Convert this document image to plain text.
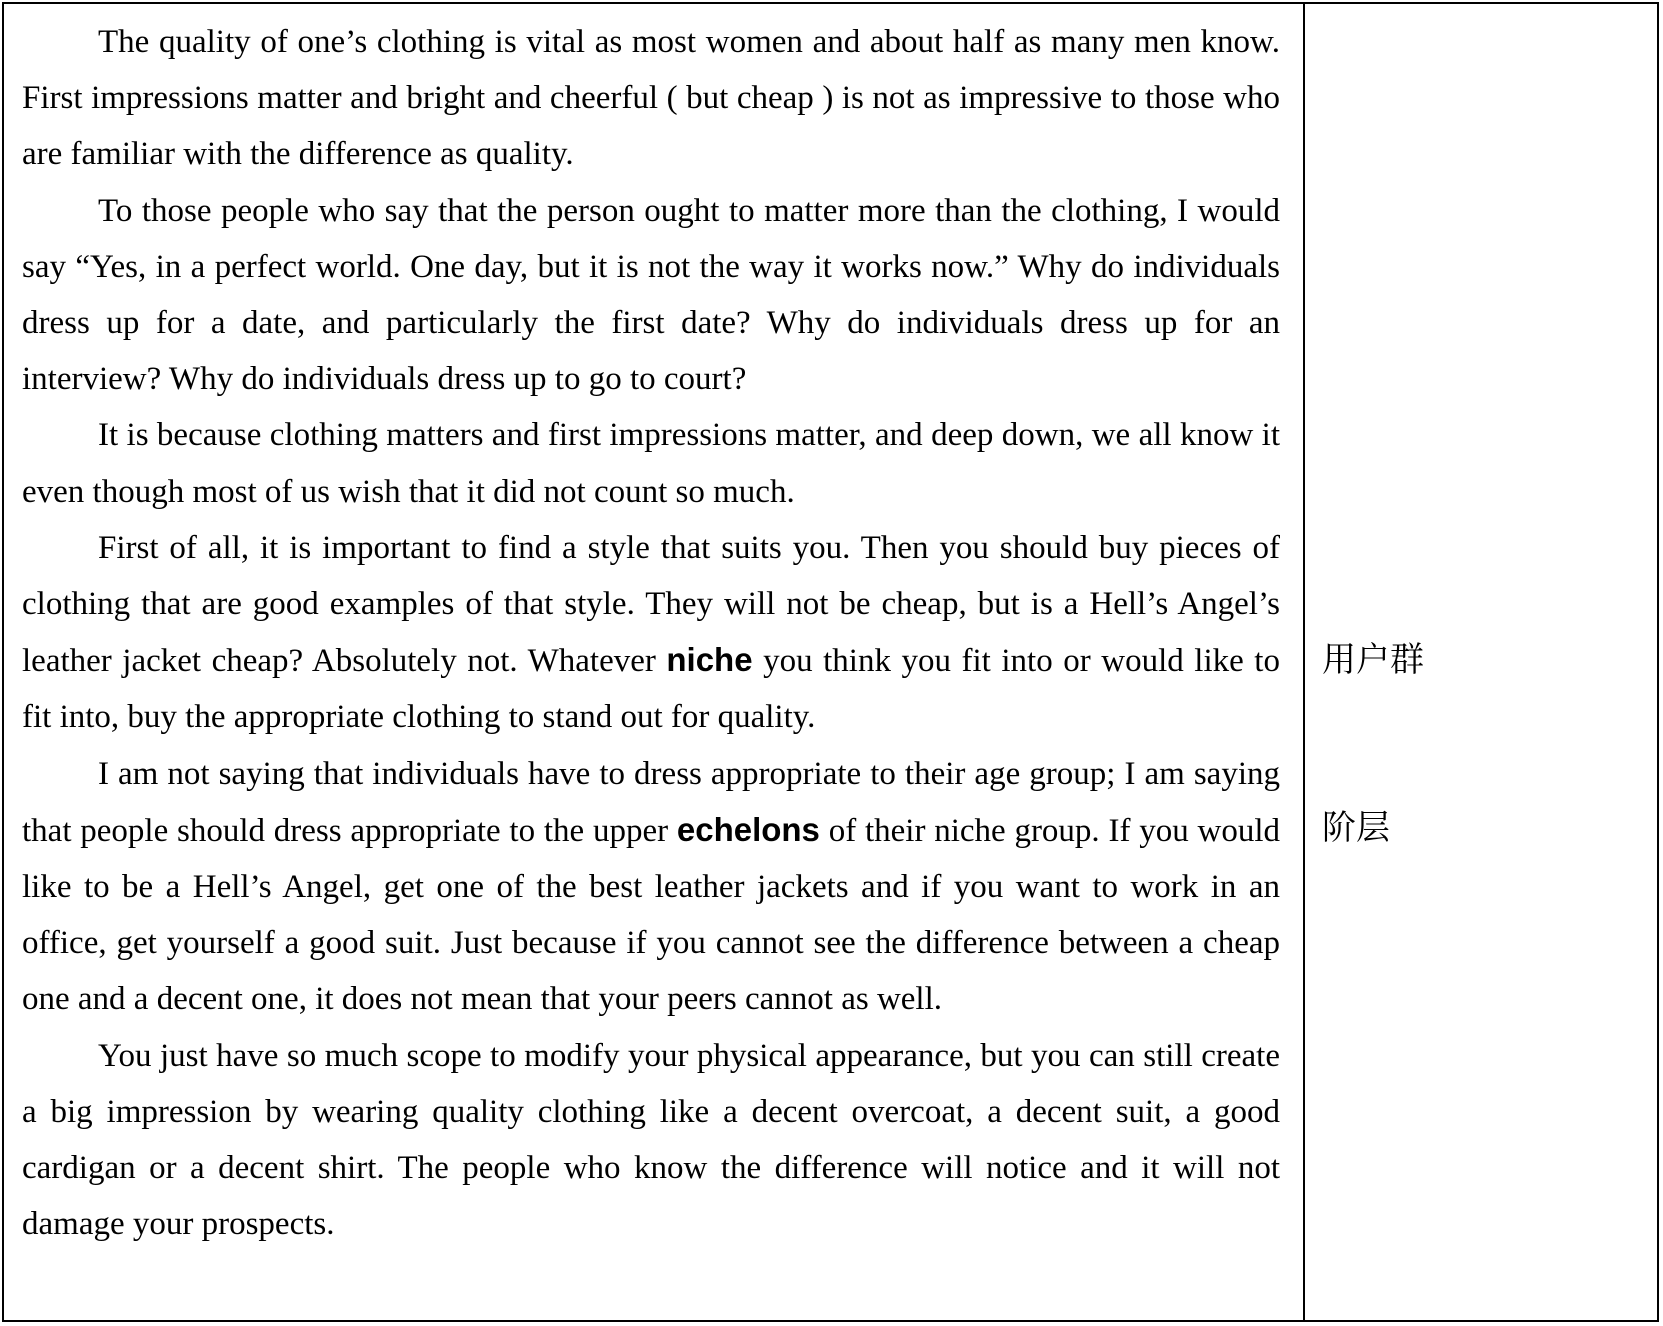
The quality of one’s clothing is vital as most women and about half as many men know. First impressions matter and bright and cheerful ( but cheap ) is not as impressive to those who are familiar with the difference as quality.

To those people who say that the person ought to matter more than the clothing, I would say “Yes, in a perfect world. One day, but it is not the way it works now.” Why do individuals dress up for a date, and particularly the first date? Why do individuals dress up for an interview? Why do individuals dress up to go to court?

It is because clothing matters and first impressions matter, and deep down, we all know it even though most of us wish that it did not count so much.

First of all, it is important to find a style that suits you. Then you should buy pieces of clothing that are good examples of that style. They will not be cheap, but is a Hell’s Angel’s leather jacket cheap? Absolutely not. Whatever niche you think you fit into or would like to fit into, buy the appropriate clothing to stand out for quality.

I am not saying that individuals have to dress appropriate to their age group; I am saying that people should dress appropriate to the upper echelons of their niche group. If you would like to be a Hell’s Angel, get one of the best leather jackets and if you want to work in an office, get yourself a good suit. Just because if you cannot see the difference between a cheap one and a decent one, it does not mean that your peers cannot as well.

You just have so much scope to modify your physical appearance, but you can still create a big impression by wearing quality clothing like a decent overcoat, a decent suit, a good cardigan or a decent shirt. The people who know the difference will notice and it will not damage your prospects.

用户群
阶层
